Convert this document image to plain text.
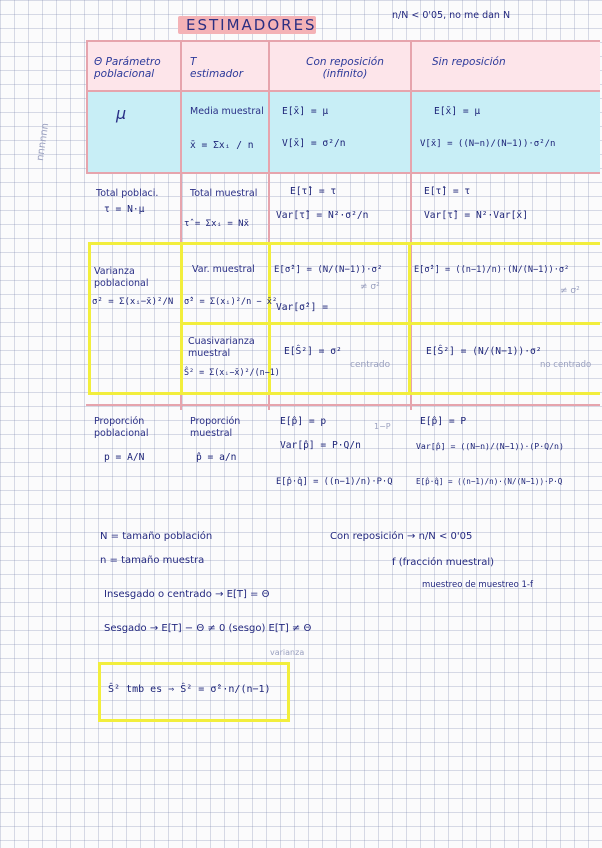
ESTIMADORES
n/N < 0'05, no me dan N
nnnnnn
Θ Parámetro poblacional
T estimador
Con reposición (infinito)
Sin reposición
μ	Media muestral
x̄ = Σxᵢ / n
E[x̄] = μ
V[x̄] = σ²/n
E[x̄] = μ
V[x̄] = ((N−n)/(N−1))·σ²/n
Total poblaci.
τ = N·μ
Total muestral
τ̂ = Σxᵢ = Nx̄
E[τ̂] = τ
Var[τ̂] = N²·σ²/n
E[τ̂] = τ
Var[τ̂] = N²·Var[x̄]
Varianza poblacional
σ² = Σ(xᵢ−x̄)²/N
Var. muestral
σ̂² = Σ(xᵢ)²/n − x̄²
E[σ̂²] = (N/(N−1))·σ²
≠ σ²
Var[σ̂²] =
E[σ̂²] = ((n−1)/n)·(N/(N−1))·σ²
≠ σ²
Cuasivarianza muestral
Ŝ² = Σ(xᵢ−x̄)²/(n−1)
E[Ŝ²] = σ²
centrado
E[Ŝ²] = (N/(N−1))·σ²
no centrado
Proporción poblacional
p = A/N
Proporción muestral
p̂ = a/n
E[p̂] = p	1−P
Var[p̂] = P·Q/n
E[p̂·q̂] = ((n−1)/n)·P·Q
E[p̂] = P
Var[p̂] = ((N−n)/(N−1))·(P·Q/n)
E[p̂·q̂] = ((n−1)/n)·(N/(N−1))·P·Q
N = tamaño población
n = tamaño muestra
Con reposición → n/N < 0'05
f (fracción muestral)
muestreo de muestreo 1-f
Insesgado o centrado → E[T] = Θ
Sesgado → E[T] − Θ ≠ 0 (sesgo) E[T] ≠ Θ
varianza
Ŝ² tmb es ⇒ Ŝ² = σ̂²·n/(n−1)
